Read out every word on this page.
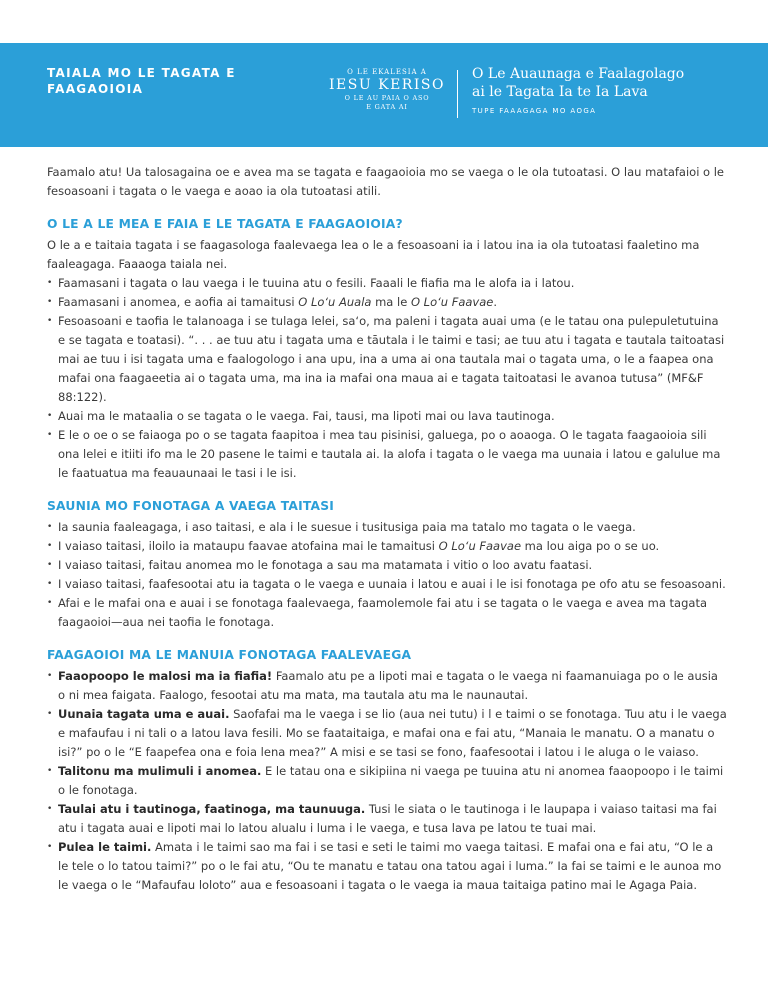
TAIALA MO LE TAGATA E FAAGAOIOIA
O LE EKALESIA A
IESU KERISO
O LE AU PAIA O ASO
E GATA AI
O Le Auaunaga e Faalagolago
ai le Tagata Ia te Ia Lava
TUPE FAAAGAGA MO AOGA

Faamalo atu! Ua talosagaina oe e avea ma se tagata e faagaoioia mo se vaega o le ola tutoatasi. O lau matafaioi o le fesoasoani i tagata o le vaega e aoao ia ola tutoatasi atili.

O LE A LE MEA E FAIA E LE TAGATA E FAAGAOIOIA?

O le a e taitaia tagata i se faagasologa faalevaega lea o le a fesoasoani ia i latou ina ia ola tutoatasi faaletino ma faaleagaga. Faaaoga taiala nei.

• Faamasani i tagata o lau vaega i le tuuina atu o fesili. Faaali le fiafia ma le alofa ia i latou.
• Faamasani i anomea, e aofia ai tamaitusi O Lo‘u Auala ma le O Lo‘u Faavae.
• Fesoasoani e taofia le talanoaga i se tulaga lelei, sa‘o, ma paleni i tagata auai uma (e le tatau ona pulepuletutuina e se tagata e toatasi). “. . . ae tuu atu i tagata uma e tāutala i le taimi e tasi; ae tuu atu i tagata e tautala taitoatasi mai ae tuu i isi tagata uma e faalogologo i ana upu, ina a uma ai ona tautala mai o tagata uma, o le a faapea ona mafai ona faagaeetia ai o tagata uma, ma ina ia mafai ona maua ai e tagata taitoatasi le avanoa tutusa” (MF&F 88:122).
• Auai ma le mataalia o se tagata o le vaega. Fai, tausi, ma lipoti mai ou lava tautinoga.
• E le o oe o se faiaoga po o se tagata faapitoa i mea tau pisinisi, galuega, po o aoaoga. O le tagata faagaoioia sili ona lelei e itiiti ifo ma le 20 pasene le taimi e tautala ai. Ia alofa i tagata o le vaega ma uunaia i latou e galulue ma le faatuatua ma feauaunaai le tasi i le isi.
SAUNIA MO FONOTAGA A VAEGA TAITASI
• Ia saunia faaleagaga, i aso taitasi, e ala i le suesue i tusitusiga paia ma tatalo mo tagata o le vaega.
• I vaiaso taitasi, iloilo ia mataupu faavae atofaina mai le tamaitusi O Lo‘u Faavae ma lou aiga po o se uo.
• I vaiaso taitasi, faitau anomea mo le fonotaga a sau ma matamata i vitio o loo avatu faatasi.
• I vaiaso taitasi, faafesootai atu ia tagata o le vaega e uunaia i latou e auai i le isi fonotaga pe ofo atu se fesoasoani.
• Afai e le mafai ona e auai i se fonotaga faalevaega, faamolemole fai atu i se tagata o le vaega e avea ma tagata faagaoioi—aua nei taofia le fonotaga.
FAAGAOIOI MA LE MANUIA FONOTAGA FAALEVAEGA
• Faaopoopo le malosi ma ia fiafia! Faamalo atu pe a lipoti mai e tagata o le vaega ni faamanuiaga po o le ausia o ni mea faigata. Faalogo, fesootai atu ma mata, ma tautala atu ma le naunautai.
• Uunaia tagata uma e auai. Saofafai ma le vaega i se lio (aua nei tutu) i l e taimi o se fonotaga. Tuu atu i le vaega e mafaufau i ni tali o a latou lava fesili. Mo se faataitaiga, e mafai ona e fai atu, “Manaia le manatu. O a manatu o isi?” po o le “E faapefea ona e foia lena mea?” A misi e se tasi se fono, faafesootai i latou i le aluga o le vaiaso.
• Talitonu ma mulimuli i anomea. E le tatau ona e sikipiina ni vaega pe tuuina atu ni anomea faaopoopo i le taimi o le fonotaga.
• Taulai atu i tautinoga, faatinoga, ma taunuuga. Tusi le siata o le tautinoga i le laupapa i vaiaso taitasi ma fai atu i tagata auai e lipoti mai lo latou alualu i luma i le vaega, e tusa lava pe latou te tuai mai.
• Pulea le taimi. Amata i le taimi sao ma fai i se tasi e seti le taimi mo vaega taitasi. E mafai ona e fai atu, “O le a le tele o lo tatou taimi?” po o le fai atu, “Ou te manatu e tatau ona tatou agai i luma.” Ia fai se taimi e le aunoa mo le vaega o le “Mafaufau loloto” aua e fesoasoani i tagata o le vaega ia maua taitaiga patino mai le Agaga Paia.
